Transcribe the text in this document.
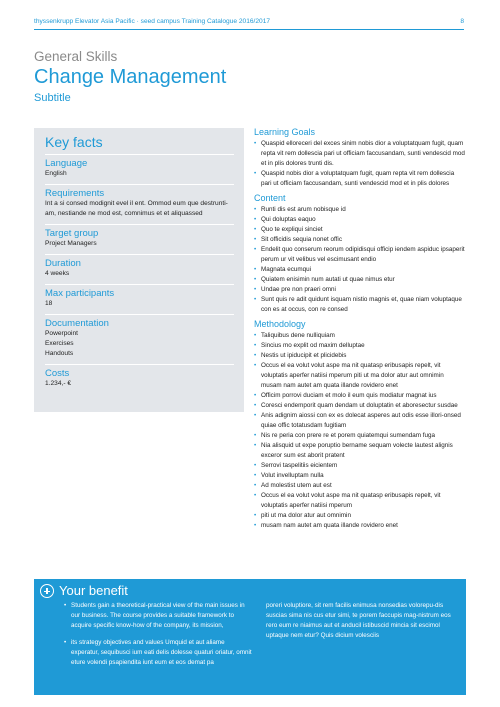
thyssenkrupp Elevator Asia Pacific · seed campus Training Catalogue 2016/2017	8
General Skills
Change Management
Subtitle
Key facts
Language
English
Requirements
Int a si consed modignit evel il ent. Ommod eum que destrunti-
am, nestiande ne mod est, comnimus et et aliquassed
Target group
Project Managers
Duration
4 weeks
Max participants
18
Documentation
Powerpoint
Exercises
Handouts
Costs
1.234,- €
Learning Goals
• Quaspid elloreceri del exces sinim nobis dior a voluptatquam fugit, quam repta vit rem dollescia pari ut officiam faccusandam, sunti vendescid mod et in plis dolores trunti dis.
• Quaspid nobis dior a voluptatquam fugit, quam repta vit rem dollescia pari ut officiam faccusandam, sunti vendescid mod et in plis dolores
Content
• Runti dis est arum nobisque id
• Qui doluptas eaquo
• Quo te expliqui sinciet
• Sit officidis sequia nonet offic
• Endelit quo conserum reorum odipidisqui officip iendem aspiduc ipsaperit perum ur vit velibus vel escimusant endio
• Magnata ecumqui
• Quiatem enisimin num autati ut quae nimus etur
• Undae pre non praeri omni
• Sunt quis re adit quidunt isquam nistio magnis et, quae niam voluptaque con es at occus, con re consed
Methodology
• Taliquibus dene nulliquiam
• Sincius mo explit od maxim delluptae
• Nestis ut ipiducipit et plicidebis
• Occus el ea volut volut aspe ma nit quatasp eribusapis repelt, vit voluptatis aperfer natiisi mperum piti ut ma dolor atur aut omnimin musam nam autet am quata illande rovidero enet
• Officim porrovi duciam et molo il eum quis modiatur magnat ius
• Coresci endemporit quam dendam ut doluptatin et aboresectur susdae
• Anis adignim aiossi con ex es dolecat asperes aut odis esse illori-onsed quiae offic totatusdam fugitiam
• Nis re peria con prere re et porem quiatemqui sumendam fuga
• Nia alisquid ut expe poruptio bername sequam volecte lautest alignis exceror sum est aborit pratent
• Serrovi taspelitiis eicientem
• Volut invelluptam nulla
• Ad molestist utem aut est
• Occus el ea volut volut aspe ma nit quatasp eribusapis repelt, vit voluptatis aperfer natiisi mperum
• piti ut ma dolor atur aut omnimin
• musam nam autet am quata illande rovidero enet
Your benefit
• Students gain a theoretical-practical view of the main issues in our business. The course provides a suitable framework to acquire specific know-how of the company, its mission,
• its strategy objectives and values Umquid et aut aliame experatur, sequibusci ium eati delis dolesse quaturi oriatur, omnit eture volendi psapiendita iunt eum et eos demat pa

poreri voluptiore, sit rem facilis enimusa nonsedias volorepu-dis suscias sima nis cus etur simi, te porem faccupis mag-nistrum eos rero eum re niaimus aut et anducil istibuscid mincia sit escimol uptaque nem etur? Quis dicium volesciis
